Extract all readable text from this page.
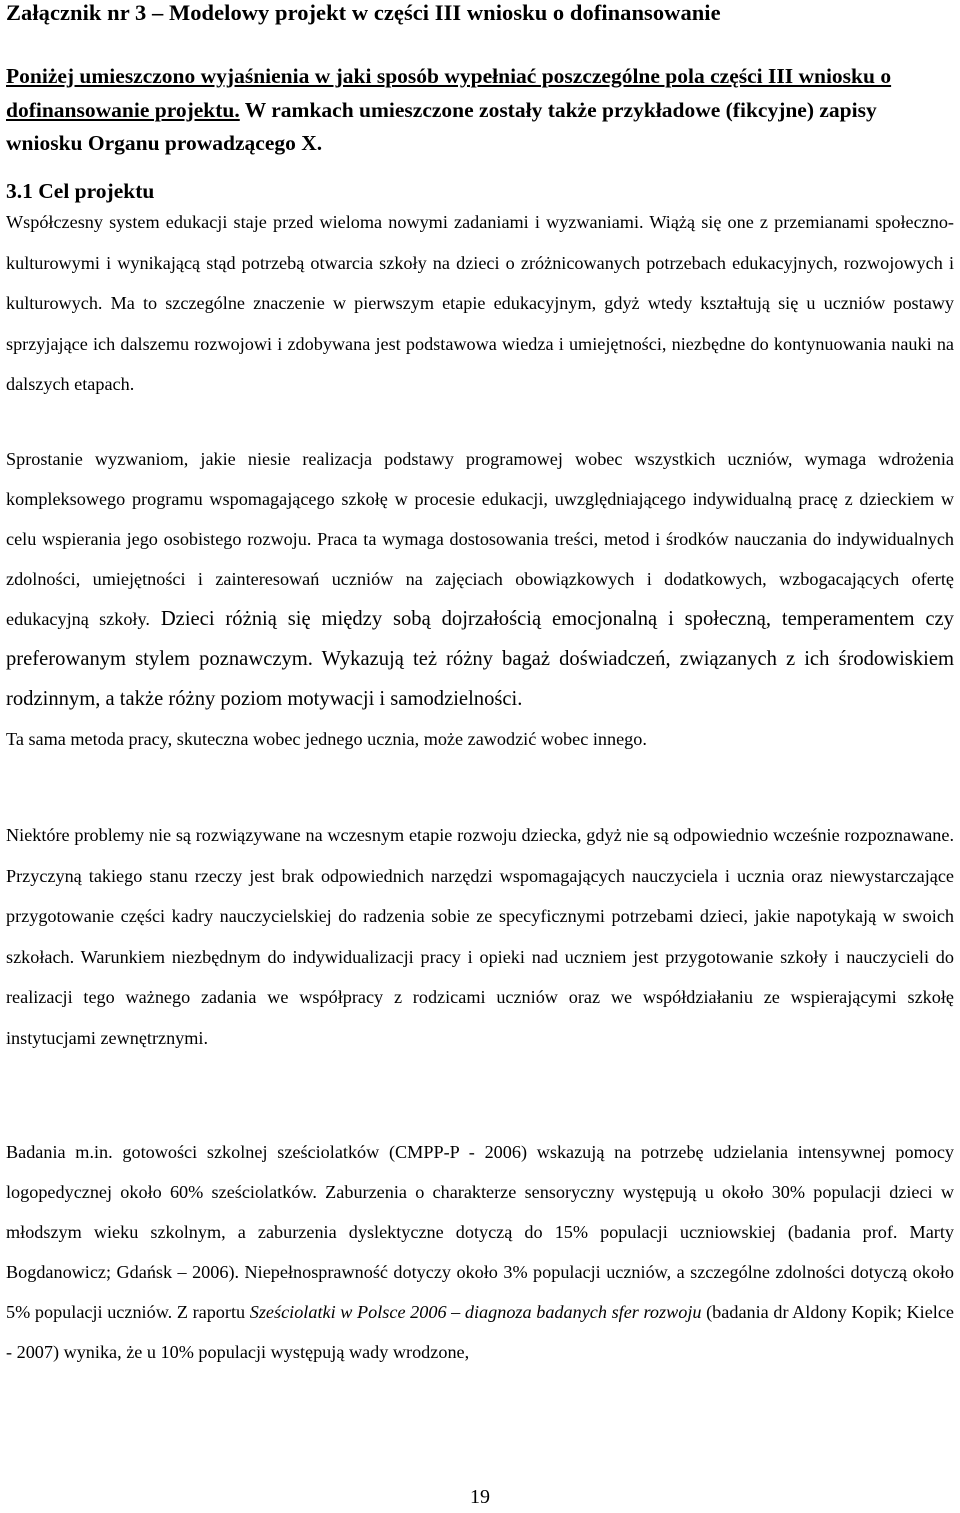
Załącznik nr 3 – Modelowy projekt w części III wniosku o dofinansowanie
Poniżej umieszczono wyjaśnienia w jaki sposób wypełniać poszczególne pola części III wniosku o dofinansowanie projektu. W ramkach umieszczone zostały także przykładowe (fikcyjne) zapisy wniosku Organu prowadzącego X.
3.1 Cel projektu

Współczesny system edukacji staje przed wieloma nowymi zadaniami i wyzwaniami. Wiążą się one z przemianami społeczno-kulturowymi i wynikającą stąd potrzebą otwarcia szkoły na dzieci o zróżnicowanych potrzebach edukacyjnych, rozwojowych i kulturowych. Ma to szczególne znaczenie w pierwszym etapie edukacyjnym, gdyż wtedy kształtują się u uczniów postawy sprzyjające ich dalszemu rozwojowi i zdobywana jest podstawowa wiedza i umiejętności, niezbędne do kontynuowania nauki na dalszych etapach.

Sprostanie wyzwaniom, jakie niesie realizacja podstawy programowej wobec wszystkich uczniów, wymaga wdrożenia kompleksowego programu wspomagającego szkołę w procesie edukacji, uwzględniającego indywidualną pracę z dzieckiem w celu wspierania jego osobistego rozwoju. Praca ta wymaga dostosowania treści, metod i środków nauczania do indywidualnych zdolności, umiejętności i zainteresowań uczniów na zajęciach obowiązkowych i dodatkowych, wzbogacających ofertę edukacyjną szkoły. Dzieci różnią się między sobą dojrzałością emocjonalną i społeczną, temperamentem czy preferowanym stylem poznawczym. Wykazują też różny bagaż doświadczeń, związanych z ich środowiskiem rodzinnym, a także różny poziom motywacji i samodzielności.
Ta sama metoda pracy, skuteczna wobec jednego ucznia, może zawodzić wobec innego.

Niektóre problemy nie są rozwiązywane na wczesnym etapie rozwoju dziecka, gdyż nie są odpowiednio wcześnie rozpoznawane. Przyczyną takiego stanu rzeczy jest brak odpowiednich narzędzi wspomagających nauczyciela i ucznia oraz niewystarczające przygotowanie części kadry nauczycielskiej do radzenia sobie ze specyficznymi potrzebami dzieci, jakie napotykają w swoich szkołach. Warunkiem niezbędnym do indywidualizacji pracy i opieki nad uczniem jest przygotowanie szkoły i nauczycieli do realizacji tego ważnego zadania we współpracy z rodzicami uczniów oraz we współdziałaniu ze wspierającymi szkołę instytucjami zewnętrznymi.

Badania m.in. gotowości szkolnej sześciolatków (CMPP-P - 2006) wskazują na potrzebę udzielania intensywnej pomocy logopedycznej około 60% sześciolatków. Zaburzenia o charakterze sensoryczny występują u około 30% populacji dzieci w młodszym wieku szkolnym, a zaburzenia dyslektyczne dotyczą do 15% populacji uczniowskiej (badania prof. Marty Bogdanowicz; Gdańsk – 2006). Niepełnosprawność dotyczy około 3% populacji uczniów, a szczególne zdolności dotyczą około 5% populacji uczniów. Z raportu Sześciolatki w Polsce 2006 – diagnoza badanych sfer rozwoju (badania dr Aldony Kopik; Kielce - 2007) wynika, że u 10% populacji występują wady wrodzone,

19
